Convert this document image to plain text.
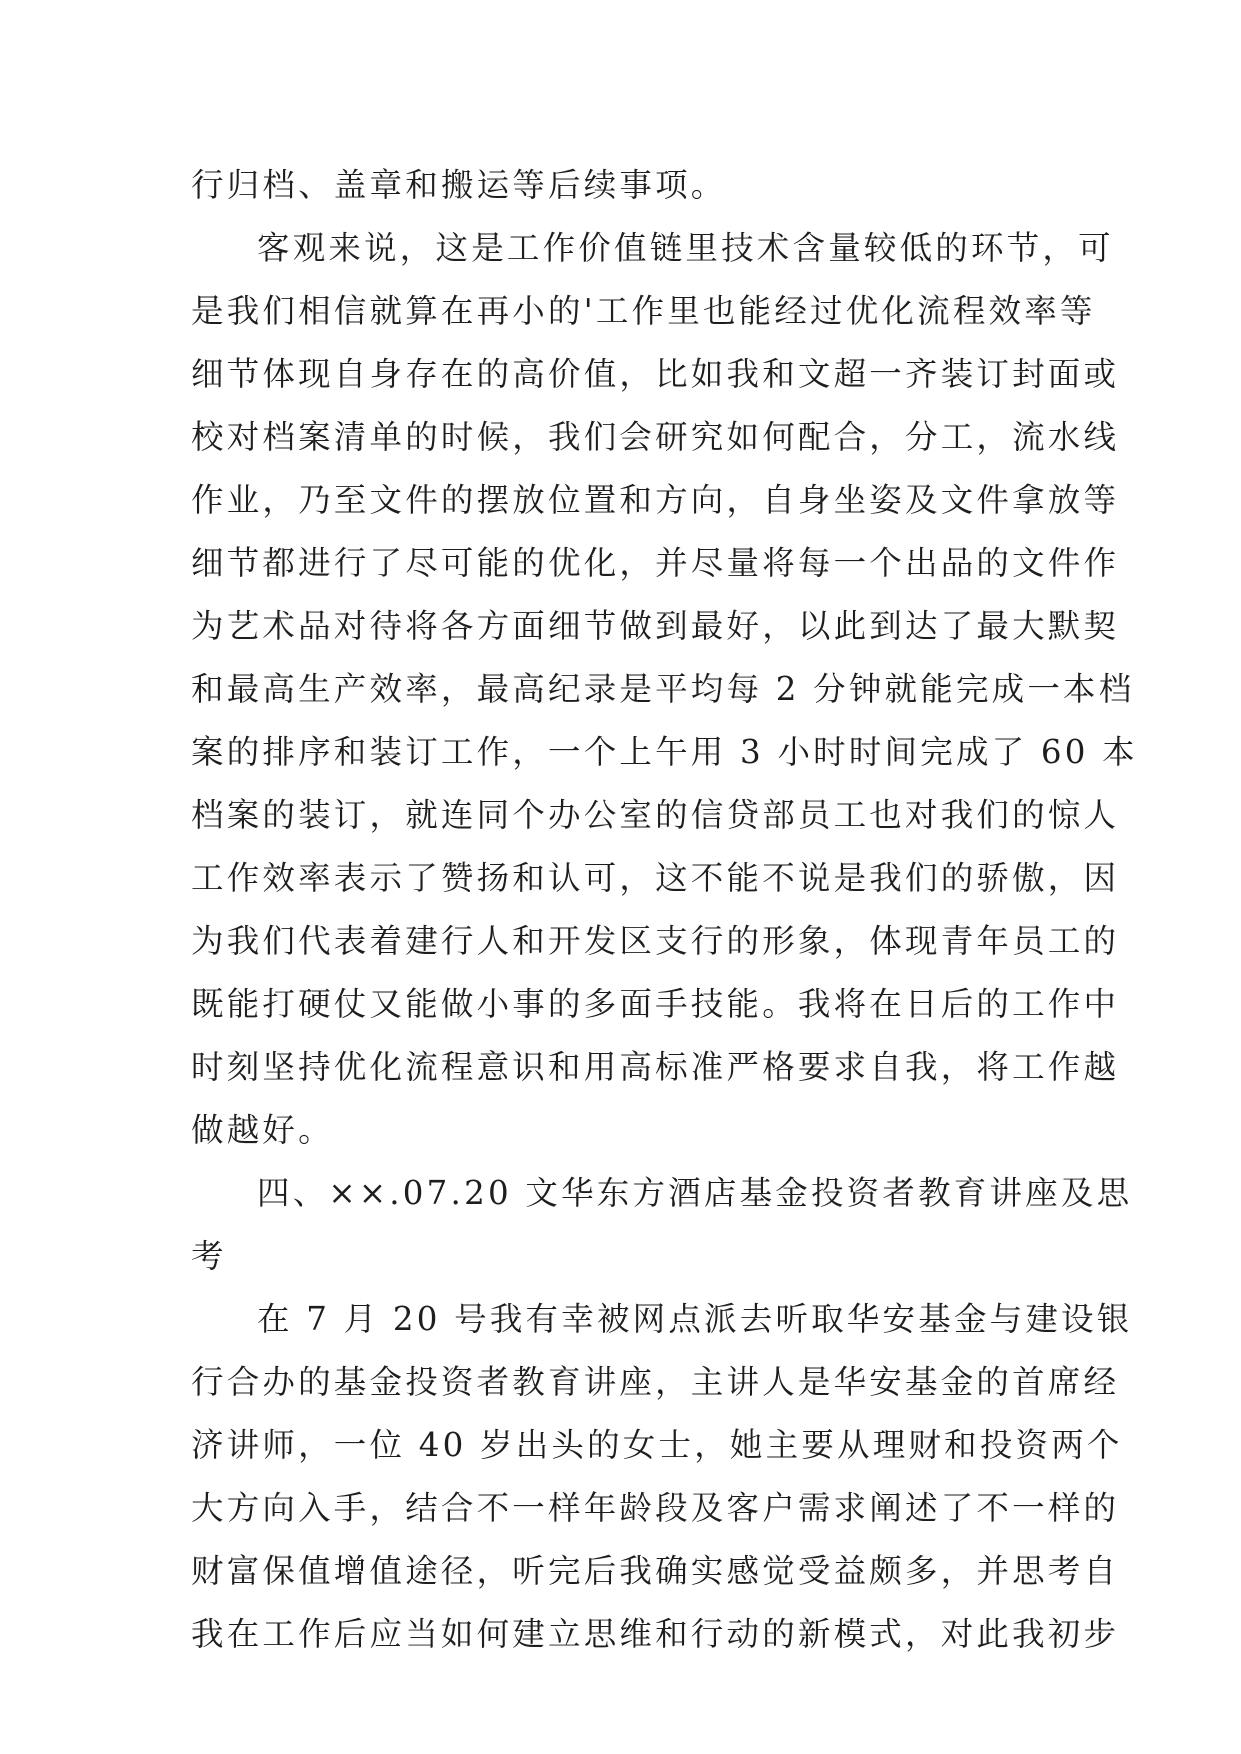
行归档、盖章和搬运等后续事项。
客观来说，这是工作价值链里技术含量较低的环节，可
是我们相信就算在再小的'工作里也能经过优化流程效率等
细节体现自身存在的高价值，比如我和文超一齐装订封面或
校对档案清单的时候，我们会研究如何配合，分工，流水线
作业，乃至文件的摆放位置和方向，自身坐姿及文件拿放等
细节都进行了尽可能的优化，并尽量将每一个出品的文件作
为艺术品对待将各方面细节做到最好，以此到达了最大默契
和最高生产效率，最高纪录是平均每 2 分钟就能完成一本档
案的排序和装订工作，一个上午用 3 小时时间完成了 60 本
档案的装订，就连同个办公室的信贷部员工也对我们的惊人
工作效率表示了赞扬和认可，这不能不说是我们的骄傲，因
为我们代表着建行人和开发区支行的形象，体现青年员工的
既能打硬仗又能做小事的多面手技能。我将在日后的工作中
时刻坚持优化流程意识和用高标准严格要求自我，将工作越
做越好。
四、××.07.20 文华东方酒店基金投资者教育讲座及思
考
在 7 月 20 号我有幸被网点派去听取华安基金与建设银
行合办的基金投资者教育讲座，主讲人是华安基金的首席经
济讲师，一位 40 岁出头的女士，她主要从理财和投资两个
大方向入手，结合不一样年龄段及客户需求阐述了不一样的
财富保值增值途径，听完后我确实感觉受益颇多，并思考自
我在工作后应当如何建立思维和行动的新模式，对此我初步
